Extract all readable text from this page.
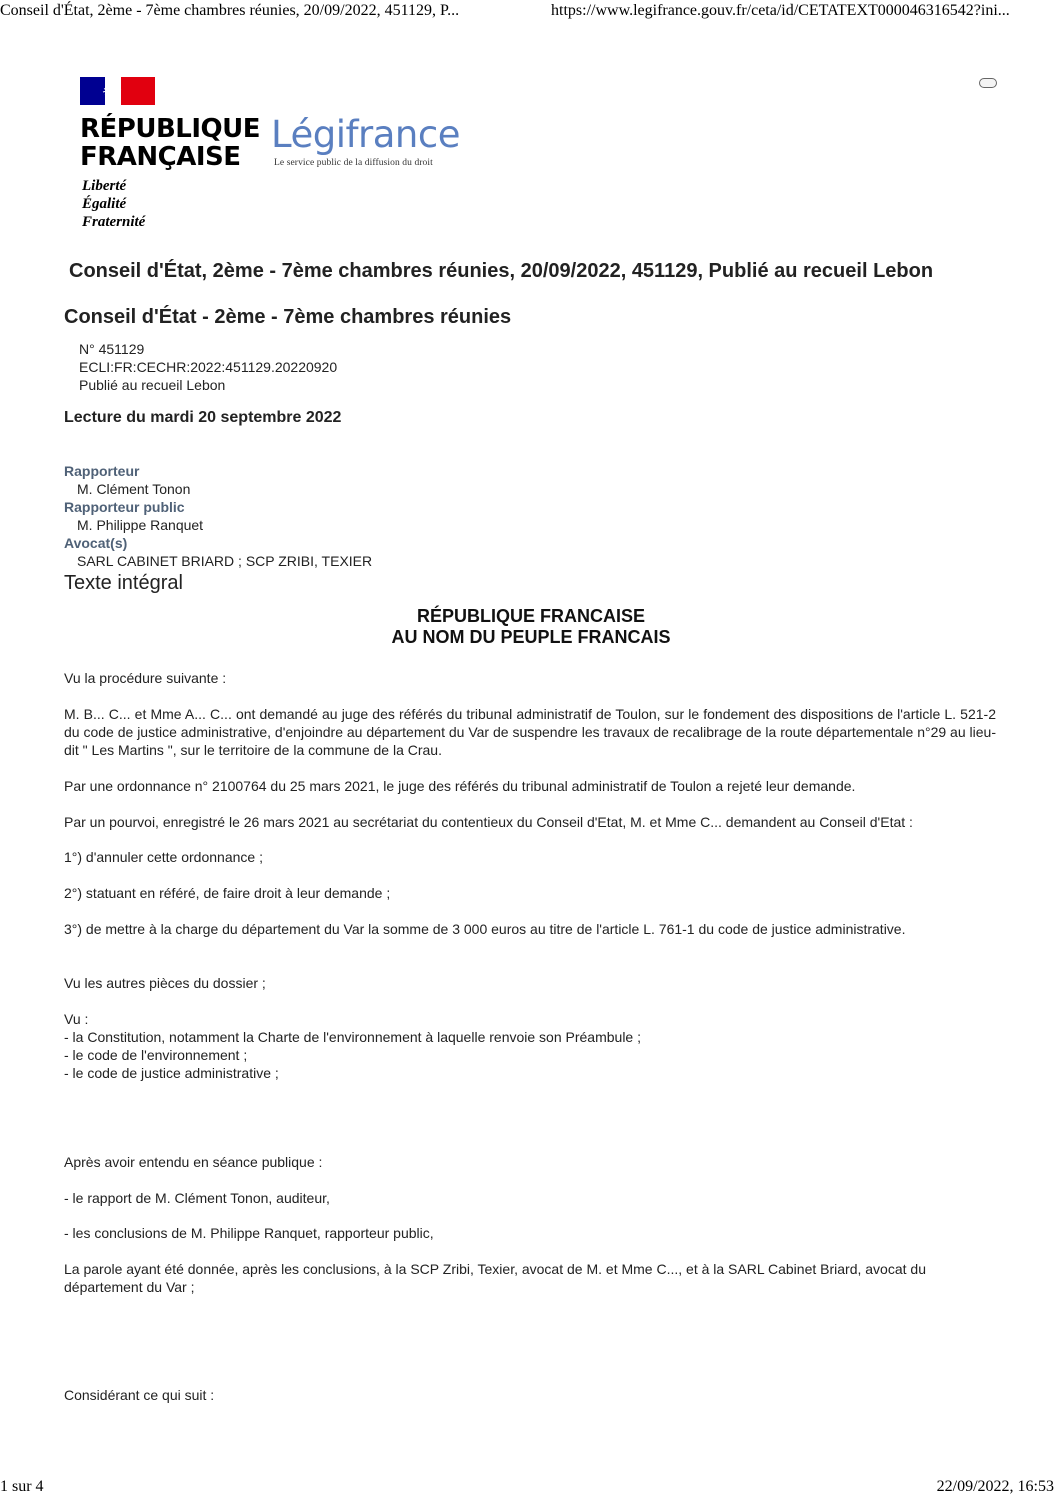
Conseil d'État, 2ème - 7ème chambres réunies, 20/09/2022, 451129, P...	https://www.legifrance.gouv.fr/ceta/id/CETATEXT000046316542?ini...
RÉPUBLIQUE
FRANÇAISE
Liberté
Égalité
Fraternité
Légifrance
Le service public de la diffusion du droit
Conseil d'État, 2ème - 7ème chambres réunies, 20/09/2022, 451129, Publié au recueil Lebon
Conseil d'État - 2ème - 7ème chambres réunies
N° 451129
ECLI:FR:CECHR:2022:451129.20220920
Publié au recueil Lebon
Lecture du mardi 20 septembre 2022
Rapporteur
M. Clément Tonon
Rapporteur public
M. Philippe Ranquet
Avocat(s)
SARL CABINET BRIARD ; SCP ZRIBI, TEXIER
Texte intégral
RÉPUBLIQUE FRANCAISE
AU NOM DU PEUPLE FRANCAIS

Vu la procédure suivante :

M. B... C... et Mme A... C... ont demandé au juge des référés du tribunal administratif de Toulon, sur le fondement des dispositions de l'article L. 521-2 du code de justice administrative, d'enjoindre au département du Var de suspendre les travaux de recalibrage de la route départementale n°29 au lieu-dit " Les Martins ", sur le territoire de la commune de la Crau.

Par une ordonnance n° 2100764 du 25 mars 2021, le juge des référés du tribunal administratif de Toulon a rejeté leur demande.

Par un pourvoi, enregistré le 26 mars 2021 au secrétariat du contentieux du Conseil d'Etat, M. et Mme C... demandent au Conseil d'Etat :

1°) d'annuler cette ordonnance ;

2°) statuant en référé, de faire droit à leur demande ;

3°) de mettre à la charge du département du Var la somme de 3 000 euros au titre de l'article L. 761-1 du code de justice administrative.

Vu les autres pièces du dossier ;

Vu :

- la Constitution, notamment la Charte de l'environnement à laquelle renvoie son Préambule ;

- le code de l'environnement ;

- le code de justice administrative ;

Après avoir entendu en séance publique :

- le rapport de M. Clément Tonon, auditeur,

- les conclusions de M. Philippe Ranquet, rapporteur public,

La parole ayant été donnée, après les conclusions, à la SCP Zribi, Texier, avocat de M. et Mme C..., et à la SARL Cabinet Briard, avocat du département du Var ;

Considérant ce qui suit :

1 sur 4	22/09/2022, 16:53
